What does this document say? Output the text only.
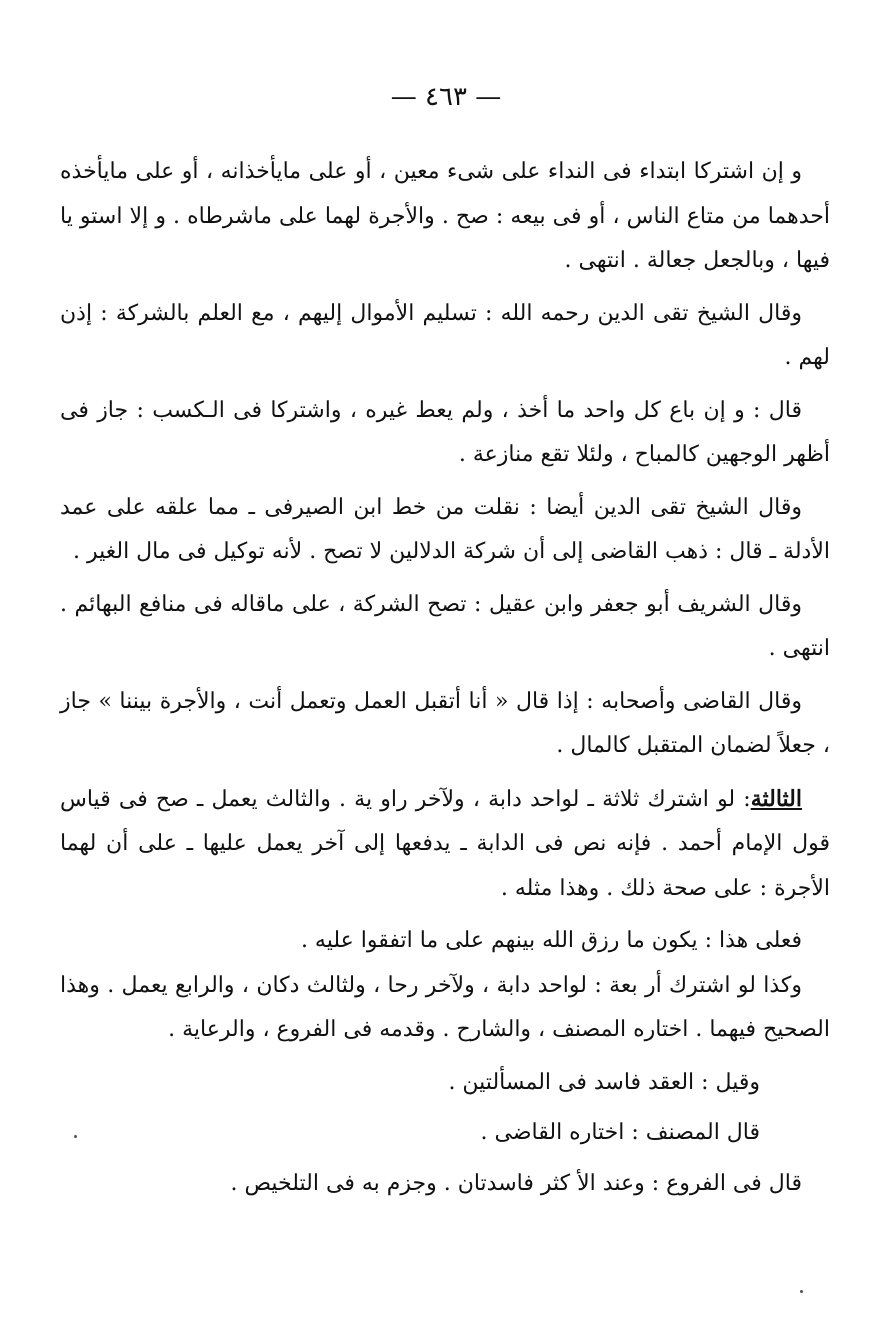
— ٤٦٣ —

و إن اشتركا ابتداء فى النداء على شىء معين ، أو على مايأخذانه ، أو على مايأخذه أحدهما من متاع الناس ، أو فى بيعه : صح . والأجرة لهما على ماشرطاه . و إلا استو يا فيها ، وبالجعل جعالة . انتهى .

وقال الشيخ تقى الدين رحمه الله : تسليم الأموال إليهم ، مع العلم بالشركة : إذن لهم .

قال : و إن باع كل واحد ما أخذ ، ولم يعط غيره ، واشتركا فى الـكسب : جاز فى أظهر الوجهين كالمباح ، ولئلا تقع منازعة .

وقال الشيخ تقى الدين أيضا : نقلت من خط ابن الصيرفى ـ مما علقه على عمد الأدلة ـ قال : ذهب القاضى إلى أن شركة الدلالين لا تصح . لأنه توكيل فى مال الغير .

وقال الشريف أبو جعفر وابن عقيل : تصح الشركة ، على ماقاله فى منافع البهائم . انتهى .

وقال القاضى وأصحابه : إذا قال « أنا أتقبل العمل وتعمل أنت ، والأجرة بيننا » جاز ، جعلاً لضمان المتقبل كالمال .

الثالثة: لو اشترك ثلاثة ـ لواحد دابة ، ولآخر راو ية . والثالث يعمل ـ صح فى قياس قول الإمام أحمد . فإنه نص فى الدابة ـ يدفعها إلى آخر يعمل عليها ـ على أن لهما الأجرة : على صحة ذلك . وهذا مثله .

فعلى هذا : يكون ما رزق الله بينهم على ما اتفقوا عليه .

وكذا لو اشترك أر بعة : لواحد دابة ، ولآخر رحا ، ولثالث دكان ، والرابع يعمل . وهذا الصحيح فيهما . اختاره المصنف ، والشارح . وقدمه فى الفروع ، والرعاية .

وقيل : العقد فاسد فى المسألتين .

قال المصنف : اختاره القاضى .

قال فى الفروع : وعند الأ كثر فاسدتان . وجزم به فى التلخيص .
